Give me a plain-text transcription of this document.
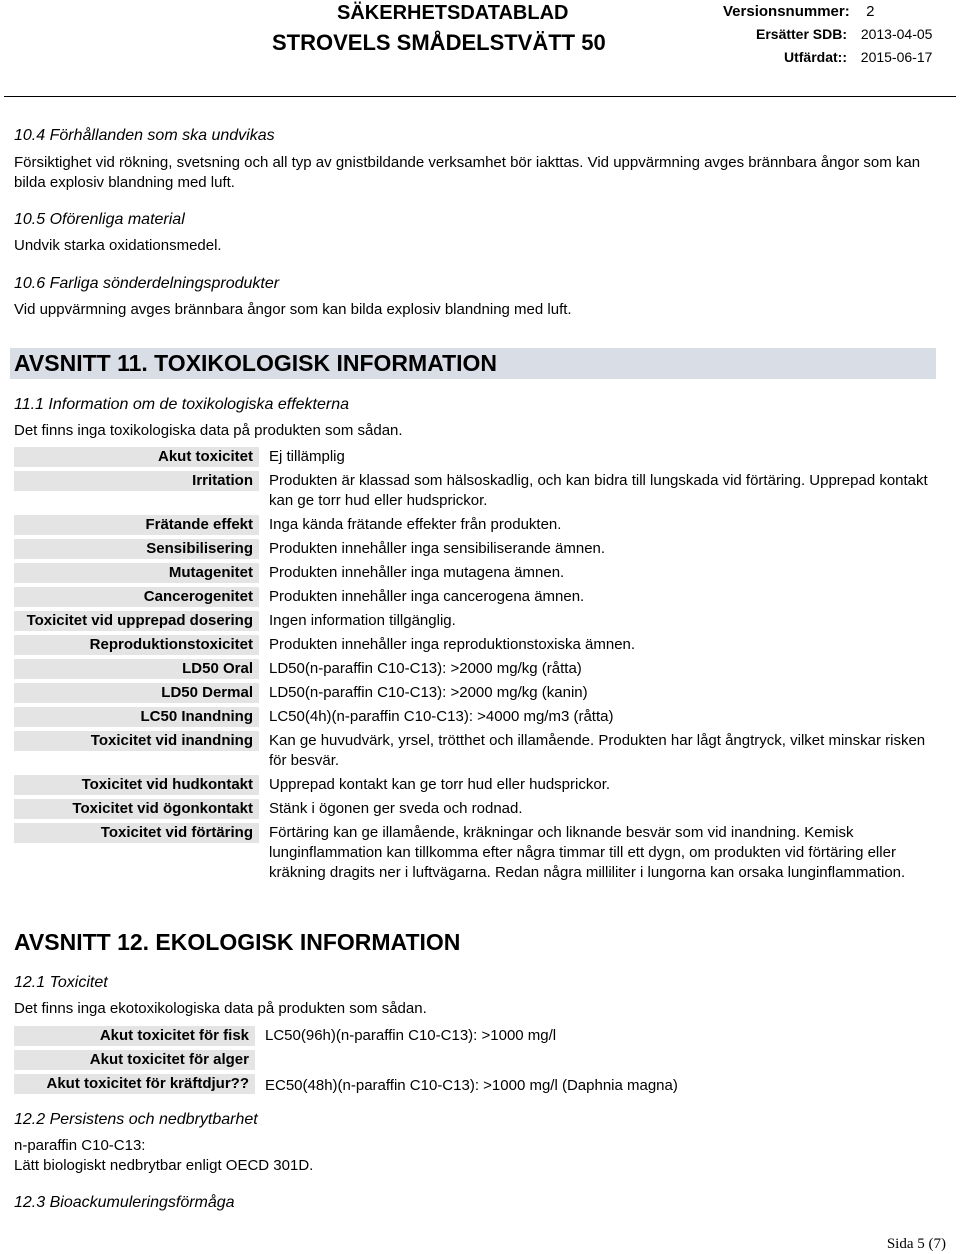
SÄKERHETSDATABLAD
STROVELS SMÅDELSTVÄTT 50
Versionsnummer: 2
Ersätter SDB: 2013-04-05
Utfärdat:: 2015-06-17
10.4 Förhållanden som ska undvikas
Försiktighet vid rökning, svetsning och all typ av gnistbildande verksamhet bör iakttas. Vid uppvärmning avges brännbara ångor som kan bilda explosiv blandning med luft.
10.5 Oförenliga material
Undvik starka oxidationsmedel.
10.6 Farliga sönderdelningsprodukter
Vid uppvärmning avges brännbara ångor som kan bilda explosiv blandning med luft.
AVSNITT 11. TOXIKOLOGISK INFORMATION
11.1 Information om de toxikologiska effekterna
Det finns inga toxikologiska data på produkten som sådan.
Akut toxicitet	Ej tillämplig
Irritation	Produkten är klassad som hälsoskadlig, och kan bidra till lungskada vid förtäring. Upprepad kontakt kan ge torr hud eller hudsprickor.
Frätande effekt	Inga kända frätande effekter från produkten.
Sensibilisering	Produkten innehåller inga sensibiliserande ämnen.
Mutagenitet	Produkten innehåller inga mutagena ämnen.
Cancerogenitet	Produkten innehåller inga cancerogena ämnen.
Toxicitet vid upprepad dosering	Ingen information tillgänglig.
Reproduktionstoxicitet	Produkten innehåller inga reproduktionstoxiska ämnen.
LD50 Oral	LD50(n-paraffin C10-C13): >2000 mg/kg (råtta)
LD50 Dermal	LD50(n-paraffin C10-C13): >2000 mg/kg (kanin)
LC50 Inandning	LC50(4h)(n-paraffin C10-C13): >4000 mg/m3 (råtta)
Toxicitet vid inandning	Kan ge huvudvärk, yrsel, trötthet och illamående. Produkten har lågt ångtryck, vilket minskar risken för besvär.
Toxicitet vid hudkontakt	Upprepad kontakt kan ge torr hud eller hudsprickor.
Toxicitet vid ögonkontakt	Stänk i ögonen ger sveda och rodnad.
Toxicitet vid förtäring	Förtäring kan ge illamående, kräkningar och liknande besvär som vid inandning. Kemisk lunginflammation kan tillkomma efter några timmar till ett dygn, om produkten vid förtäring eller kräkning dragits ner i luftvägarna. Redan några milliliter i lungorna kan orsaka lunginflammation.
AVSNITT 12. EKOLOGISK INFORMATION
12.1 Toxicitet
Det finns inga ekotoxikologiska data på produkten som sådan.
Akut toxicitet för fisk	LC50(96h)(n-paraffin C10-C13): >1000 mg/l
Akut toxicitet för alger
Akut toxicitet för kräftdjur??	EC50(48h)(n-paraffin C10-C13): >1000 mg/l (Daphnia magna)
12.2 Persistens och nedbrytbarhet
n-paraffin C10-C13:
Lätt biologiskt nedbrytbar enligt OECD 301D.
12.3 Bioackumuleringsförmåga
Sida 5 (7)
